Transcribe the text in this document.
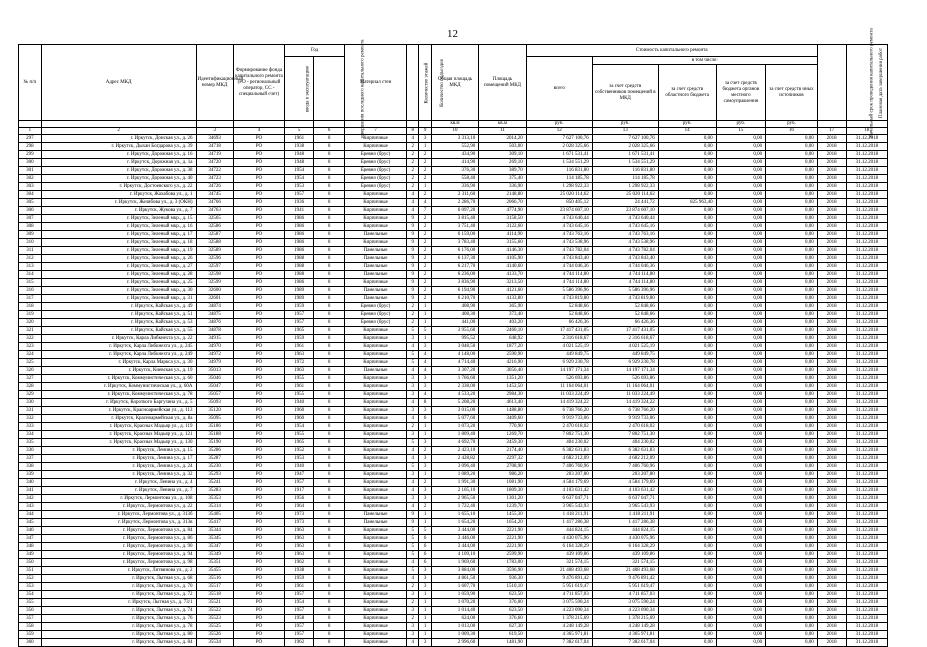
12
№ п/п	Адрес МКД	Идентификационный номер МКД	Формирование фонда капитального ремонта (РО - региональный оператор, СС - специальный счет)	Год		Материал стен	Количество этажей	Количество подъездов	Общая площадь МКД	Площадь помещений МКД	Стоимость капитального ремонта					Начальный срок проведения капитального ремонта	Плановая дата завершения работ
				ввода в эксплуатацию	завершения последнего капитального ремонта						всего	в том числе:					
												за счет средств собственников помещений в МКД	за счет средств областного бюджета	за счет средств бюджета органов местного самоуправления	за счет средств иных источников		
									кв.м	кв.м	руб.	руб.	руб.	руб.	руб.		
1	2	3	4	5	6	7	8	9	10	11	12	13	14	15	16	17	18
297	г. Иркутск, Донская ул., д. 26	34693	РО	1961	0	Кирпичные	4	3	3 313,10	2014,20	7 627 100,76	7 627 100,76	0,00	0,00	0,00	2018	31.12.2018
298	г. Иркутск, Дыхан Богдарова ул., д. 39	34718	РО	1938	0	Кирпичные	2	1	552,90	503,00	2 028 325,66	2 028 325,66	0,00	0,00	0,00	2018	31.12.2018
299	г. Иркутск, Дорожная ул., д. 16	34719	РО	1948	0	Бревно (брус)	2	2	434,90	309,10	1 671 531,41	1 671 531,41	0,00	0,00	0,00	2018	31.12.2018
300	г. Иркутск, Дорожная ул., д. 1а	34720	РО	1948	0	Бревно (брус)	2	2	414,90	269,10	1 534 551,29	1 534 551,29	0,00	0,00	0,00	2018	31.12.2018
301	г. Иркутск, Дорожная ул., д. 38	34722	РО	1954	0	Бревно (брус)	2	2	376,30	389,70	116 831,80	116 831,80	0,00	0,00	0,00	2018	31.12.2018
302	г. Иркутск, Дорожная ул., д. 40	34723	РО	1954	0	Бревно (брус)	2	2	558,40	375,40	114 185,78	114 185,78	0,00	0,00	0,00	2018	31.12.2018
303	г. Иркутск, Достоевского ул., д. 22	34726	РО	1953	0	Бревно (брус)	2	1	336,90	336,90	1 298 922,33	1 298 922,33	0,00	0,00	0,00	2018	31.12.2018
304	г. Иркутск, Жахабова ул., д. 1	34745	РО	1957	0	Кирпичные	4	2	2 311,60	2148,80	25 020 114,62	25 020 114,62	0,00	0,00	0,00	2018	31.12.2018
305	г. Иркутск, Желябова ул., д. 3 (ОКН)	34766	РО	1936	0	Кирпичные	4	4	2 286,70	2066,70	850 405,12	24 441,72	825 963,40	0,00	0,00	2018	31.12.2018
306	г. Иркутск, Жукова ул., д. 7	34763	РО	1941	0	Кирпичные	4	7	6 097,20	4774,90	23 874 607,10	23 874 607,10	0,00	0,00	0,00	2018	31.12.2018
307	г. Иркутск, Зеленый мкр., д. 15	32565	РО	1986	0	Кирпичные	9	2	3 815,40	3158,50	4 743 640,44	4 743 640,44	0,00	0,00	0,00	2018	31.12.2018
308	г. Иркутск, Зеленый мкр., д. 16	32586	РО	1986	0	Кирпичные	9	2	3 751,40	3122,60	4 743 645,16	4 743 645,16	0,00	0,00	0,00	2018	31.12.2018
309	г. Иркутск, Зеленый мкр., д. 17	32587	РО	1986	0	Панельные	9	2	6 159,00	4114,90	4 743 763,16	4 743 763,16	0,00	0,00	0,00	2018	31.12.2018
310	г. Иркутск, Зеленый мкр., д. 18	32588	РО	1986	0	Кирпичные	9	2	3 783,40	3155,60	4 743 538,96	4 743 538,96	0,00	0,00	0,00	2018	31.12.2018
311	г. Иркутск, Зеленый мкр., д. 19	32589	РО	1986	0	Панельные	9	2	6 176,00	4146,30	4 743 782,04	4 743 782,04	0,00	0,00	0,00	2018	31.12.2018
312	г. Иркутск, Зеленый мкр., д. 26	32596	РО	1988	0	Панельные	9	2	6 137,30	4105,90	4 743 843,40	4 743 843,40	0,00	0,00	0,00	2018	31.12.2018
313	г. Иркутск, Зеленый мкр., д. 27	32597	РО	1988	0	Панельные	9	2	6 217,70	4140,60	4 744 046,36	4 744 046,36	0,00	0,00	0,00	2018	31.12.2018
314	г. Иркутск, Зеленый мкр., д. 28	32598	РО	1988	0	Панельные	9	2	6 236,00	4133,70	4 744 114,80	4 744 114,80	0,00	0,00	0,00	2018	31.12.2018
315	г. Иркутск, Зеленый мкр., д. 25	32599	РО	1986	0	Кирпичные	9	2	3 836,90	3213,50	4 744 114,80	4 744 114,80	0,00	0,00	0,00	2018	31.12.2018
316	г. Иркутск, Зеленый мкр., д. 30	32600	РО	1989	0	Панельные	9	2	6 194,90	4121,60	5 586 396,96	5 586 396,96	0,00	0,00	0,00	2018	31.12.2018
317	г. Иркутск, Зеленый мкр., д. 31	32601	РО	1989	0	Панельные	9	2	6 210,70	4133,80	4 743 819,80	4 743 819,80	0,00	0,00	0,00	2018	31.12.2018
318	г. Иркутск, Кайская ул., д. 49	34874	РО	1959	0	Бревно (брус)	2	1	408,90	365,90	52 848,66	52 848,66	0,00	0,00	0,00	2018	31.12.2018
319	г. Иркутск, Кайская ул., д. 51	34875	РО	1957	0	Бревно (брус)	2	1	408,30	373,40	52 848,66	52 848,66	0,00	0,00	0,00	2018	31.12.2018
320	г. Иркутск, Кайская ул., д. 53	34876	РО	1957	0	Бревно (брус)	2	1	441,00	403,20	66 426,36	66 426,36	0,00	0,00	0,00	2018	31.12.2018
321	г. Иркутск, Кайская ул., д. 55	34878	РО	1965	0	Кирпичные	5	5	3 955,60	2460,10	17 417 431,05	17 417 431,05	0,00	0,00	0,00	2018	31.12.2018
322	г. Иркутск, Карла Либкнехта ул., д. 22	34915	РО	1959	0	Кирпичные	3	1	995,52	648,92	2 316 618,67	2 316 618,67	0,00	0,00	0,00	2018	31.12.2018
323	г. Иркутск, Карла Либкнехта ул., д. 245	34970	РО	1961	0	Кирпичные	4	3	3 048,50	1877,20	4 021 525,19	4 021 525,19	0,00	0,00	0,00	2018	31.12.2018
324	г. Иркутск, Карла Либкнехта ул., д. 249	34972	РО	1963	0	Кирпичные	5	4	4 148,00	2590,90	449 849,75	449 849,75	0,00	0,00	0,00	2018	31.12.2018
325	г. Иркутск, Карла Маркса ул., д. 30	34979	РО	1972	0	Кирпичные	5	4	4 714,40	4216,90	6 929 230,78	6 929 230,78	0,00	0,00	0,00	2018	31.12.2018
326	г. Иркутск, Киевская ул., д. 19	35013	РО	1963	0	Панельные	4	4	3 307,20	3056,40	14 197 171,34	14 197 171,34	0,00	0,00	0,00	2018	31.12.2018
327	г. Иркутск, Коммунистическая ул., д. 60	35046	РО	1955	0	Кирпичные	3	3	1 766,60	1351,20	526 693,86	526 693,86	0,00	0,00	0,00	2018	31.12.2018
328	г. Иркутск, Коммунистическая ул., д. 60А	35047	РО	1961	0	Кирпичные	3	3	2 338,00	1452,50	11 164 064,01	11 164 064,01	0,00	0,00	0,00	2018	31.12.2018
329	г. Иркутск, Коммунистическая ул., д. 78	35057	РО	1955	0	Кирпичные	3	4	4 533,20	2984,30	11 033 224,49	11 033 224,49	0,00	0,00	0,00	2018	31.12.2018
330	г. Иркутск, Короткого Баргузина ул., д. 5	35093	РО	1940	0	Кирпичные	4	8	5 208,20	4613,40	14 419 324,22	14 419 324,22	0,00	0,00	0,00	2018	31.12.2018
331	г. Иркутск, Красноармейская ул., д. 113	35120	РО	1960	0	Кирпичные	3	3	3 015,00	1488,80	6 738 766,20	6 738 766,20	0,00	0,00	0,00	2018	31.12.2018
332	г. Иркутск, Красноармейская ул., д. 8а	35095	РО	1960	0	Кирпичные	4	6	5 077,60	3409,60	9 919 733,06	9 919 733,06	0,00	0,00	0,00	2018	31.12.2018
333	г. Иркутск, Красных Мадьяр ул., д. 119	35186	РО	1954	0	Кирпичные	2	1	1 073,20	770,90	2 470 618,02	2 470 618,02	0,00	0,00	0,00	2018	31.12.2018
334	г. Иркутск, Красных Мадьяр ул., д. 121	35188	РО	1955	0	Кирпичные	3	1	1 809,40	1269,70	7 802 751,30	7 802 751,30	0,00	0,00	0,00	2018	31.12.2018
335	г. Иркутск, Красных Мадьяр ул., д. 130	35190	РО	1965	0	Кирпичные	5	3	4 692,70	2459,30	404 230,02	404 230,02	0,00	0,00	0,00	2018	31.12.2018
336	г. Иркутск, Ленина ул., д. 15	35286	РО	1952	0	Кирпичные	4	2	2 423,10	2174,40	6 382 631,83	6 382 631,83	0,00	0,00	0,00	2018	31.12.2018
337	г. Иркутск, Ленина ул., д. 17	35287	РО	1953	0	Кирпичные	4	3	2 428,82	2297,32	4 682 212,09	4 682 212,09	0,00	0,00	0,00	2018	31.12.2018
338	г. Иркутск, Ленина ул., д. 24	35230	РО	1940	0	Кирпичные	5	3	3 096,40	2708,90	7 406 760,96	7 406 760,96	0,00	0,00	0,00	2018	31.12.2018
339	г. Иркутск, Ленина ул., д. 32	35293	РО	1947	0	Кирпичные	3	1	1 089,20	986,20	203 207,80	203 207,80	0,00	0,00	0,00	2018	31.12.2018
340	г. Иркутск, Ленина ул., д. 4	35241	РО	1957	0	Кирпичные	4	2	1 991,30	1081,90	4 584 179,69	4 584 179,69	0,00	0,00	0,00	2018	31.12.2018
341	г. Иркутск, Ленина ул., д. 7	35283	РО	1917	0	Кирпичные	4	3	2 105,10	1809,30	4 103 631,42	4 103 631,42	0,00	0,00	0,00	2018	31.12.2018
342	г. Иркутск, Лермонтова ул., д. 108	35353	РО	1956	0	Кирпичные	3	3	2 965,50	1301,20	6 637 047,71	6 637 047,71	0,00	0,00	0,00	2018	31.12.2018
343	г. Иркутск, Лермонтова ул., д. 22	35314	РО	1964	0	Кирпичные	4	2	1 722,40	1239,70	3 965 543,93	3 965 543,93	0,00	0,00	0,00	2018	31.12.2018
344	г. Иркутск, Лермонтова ул., д. 313б	35405	РО	1973	0	Панельные	9	1	1 655,10	1455,30	1 418 211,91	1 418 211,91	0,00	0,00	0,00	2018	31.12.2018
345	г. Иркутск, Лермонтова ул., д. 313в	35417	РО	1973	0	Панельные	9	1	1 654,20	1654,20	1 417 286,38	1 417 286,38	0,00	0,00	0,00	2018	31.12.2018
346	г. Иркутск, Лермонтова ул., д. 84	35344	РО	1963	0	Кирпичные	5	5	3 444,00	2221,90	444 824,15	444 824,15	0,00	0,00	0,00	2018	31.12.2018
347	г. Иркутск, Лермонтова ул., д. 86	35345	РО	1963	0	Кирпичные	5	6	3 446,00	2221,90	4 430 075,96	4 430 075,96	0,00	0,00	0,00	2018	31.12.2018
348	г. Иркутск, Лермонтова ул., д. 90	35347	РО	1963	0	Кирпичные	5	6	3 444,00	2221,90	6 164 328,29	6 164 328,29	0,00	0,00	0,00	2018	31.12.2018
349	г. Иркутск, Лермонтова ул., д. 94	35349	РО	1963	0	Кирпичные	5	6	4 109,10	2599,90	439 109,86	439 109,86	0,00	0,00	0,00	2018	31.12.2018
350	г. Иркутск, Лермонтова ул., д. 98	35351	РО	1962	0	Кирпичные	4	6	1 969,60	1783,00	321 574,15	321 574,15	0,00	0,00	0,00	2018	31.12.2018
351	г. Иркутск, Литвинова ул., д. 2	35455	РО	1938	0	Кирпичные	5	3	3 884,00	3596,90	21 408 493,68	21 408 493,68	0,00	0,00	0,00	2018	31.12.2018
352	г. Иркутск, Лытная ул., д. 68	35516	РО	1959	0	Кирпичные	4	3	4 861,50	936,30	9 476 891,42	9 476 891,42	0,00	0,00	0,00	2018	31.12.2018
353	г. Иркутск, Лытная ул., д. 70	35517	РО	1961	0	Кирпичные	2	3	1 607,70	1510,10	5 951 619,47	5 951 619,47	0,00	0,00	0,00	2018	31.12.2018
354	г. Иркутск, Лытная ул., д. 72	35518	РО	1957	0	Кирпичные	3	1	1 059,90	623,50	4 711 857,03	4 711 857,03	0,00	0,00	0,00	2018	31.12.2018
355	г. Иркутск, Лытная ул., д. 73/1	35521	РО	1954	0	Кирпичные	2	1	1 070,20	376,00	3 075 590,24	3 075 590,24	0,00	0,00	0,00	2018	31.12.2018
356	г. Иркутск, Лытная ул., д. 74	35522	РО	1957	0	Кирпичные	3	1	1 014,40	623,50	4 223 090,34	4 223 090,34	0,00	0,00	0,00	2018	31.12.2018
357	г. Иркутск, Лытная ул., д. 76	35523	РО	1958	0	Кирпичные	2	1	624,00	376,60	1 378 215,69	1 378 215,69	0,00	0,00	0,00	2018	31.12.2018
358	г. Иркутск, Лытная ул., д. 78	35525	РО	1957	0	Кирпичные	3	1	1 013,00	627,30	4 248 149,28	4 248 149,28	0,00	0,00	0,00	2018	31.12.2018
359	г. Иркутск, Лытная ул., д. 80	35526	РО	1957	0	Кирпичные	3	1	1 009,30	619,50	4 365 971,81	4 365 971,81	0,00	0,00	0,00	2018	31.12.2018
360	г. Иркутск, Лытная ул., д. 84	35534	РО	1962	0	Кирпичные	4	3	2 996,60	1481,90	7 382 617,04	7 382 617,04	0,00	0,00	0,00	2018	31.12.2018
